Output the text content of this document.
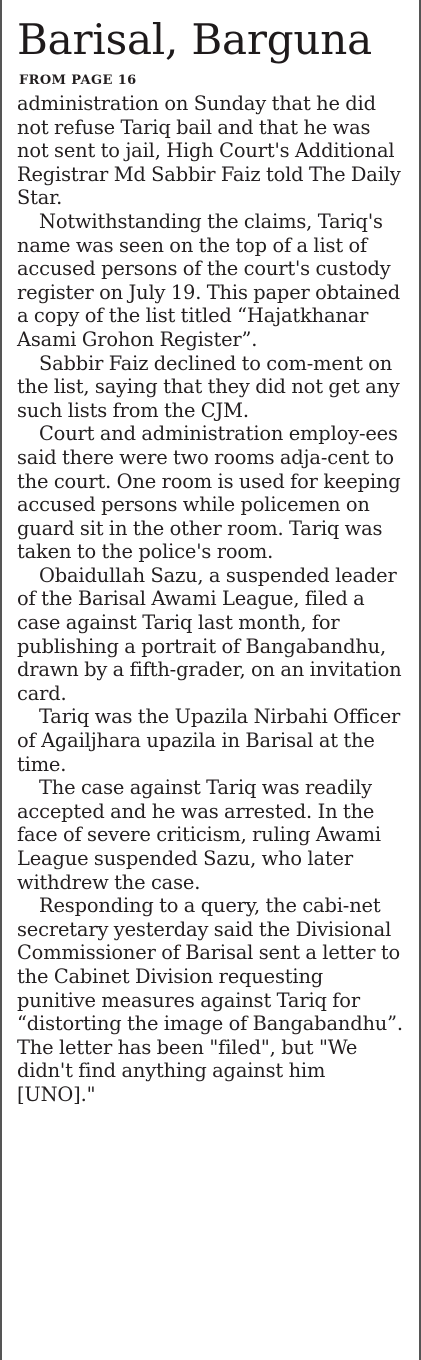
Barisal, Barguna
FROM PAGE 16

administration on Sunday that he did not refuse Tariq bail and that he was not sent to jail, High Court's Additional Registrar Md Sabbir Faiz told The Daily Star.

Notwithstanding the claims, Tariq's name was seen on the top of a list of accused persons of the court's custody register on July 19. This paper obtained a copy of the list titled “Hajatkhanar Asami Grohon Register”.

Sabbir Faiz declined to com-ment on the list, saying that they did not get any such lists from the CJM.

Court and administration employ-ees said there were two rooms adja-cent to the court. One room is used for keeping accused persons while policemen on guard sit in the other room. Tariq was taken to the police's room.

Obaidullah Sazu, a suspended leader of the Barisal Awami League, filed a case against Tariq last month, for publishing a portrait of Bangabandhu, drawn by a fifth-grader, on an invitation card.

Tariq was the Upazila Nirbahi Officer of Agailjhara upazila in Barisal at the time.

The case against Tariq was readily accepted and he was arrested. In the face of severe criticism, ruling Awami League suspended Sazu, who later withdrew the case.

Responding to a query, the cabi-net secretary yesterday said the Divisional Commissioner of Barisal sent a letter to the Cabinet Division requesting punitive measures against Tariq for “distorting the image of Bangabandhu”. The letter has been "filed", but "We didn't find anything against him [UNO]."
